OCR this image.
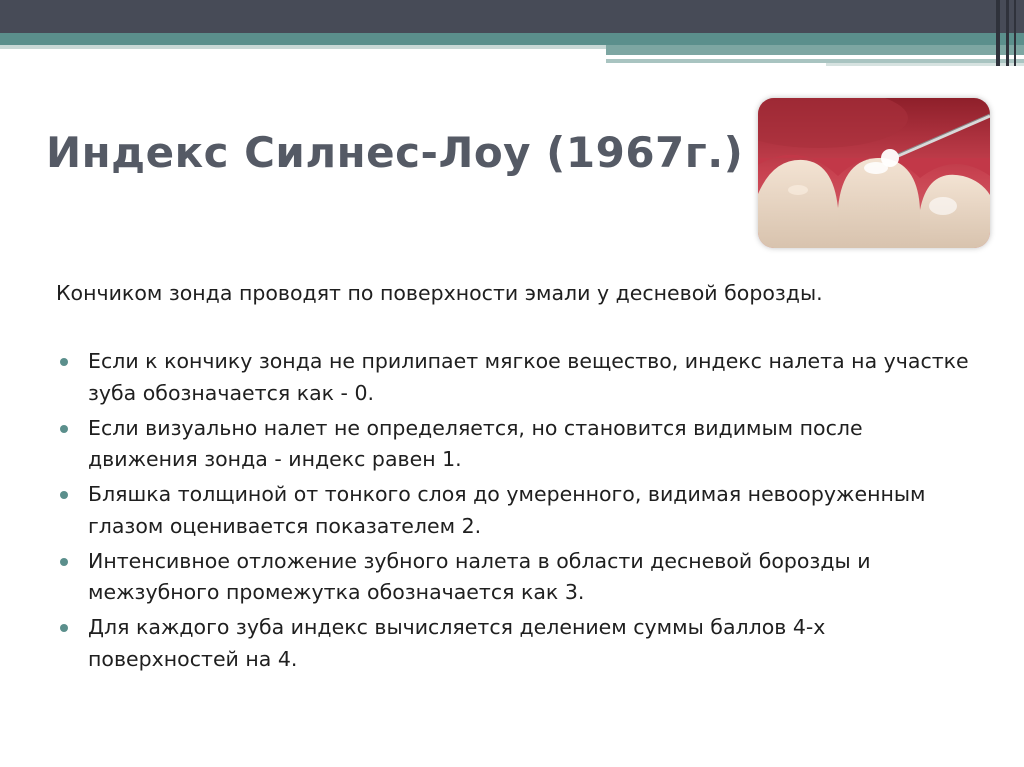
Индекс Силнес-Лоу (1967г.)
Кончиком зонда проводят по поверхности эмали у десневой борозды.
Если к кончику зонда не прилипает мягкое вещество, индекс налета на участке зуба обозначается как - 0.
Если визуально налет не определяется, но становится видимым после движения зонда - индекс равен 1.
Бляшка толщиной от тонкого слоя до умеренного, видимая невооруженным глазом оценивается показателем 2.
Интенсивное отложение зубного налета в области десневой борозды и межзубного промежутка обозначается как 3.
Для каждого зуба индекс вычисляется делением суммы баллов 4-х поверхностей на 4.
